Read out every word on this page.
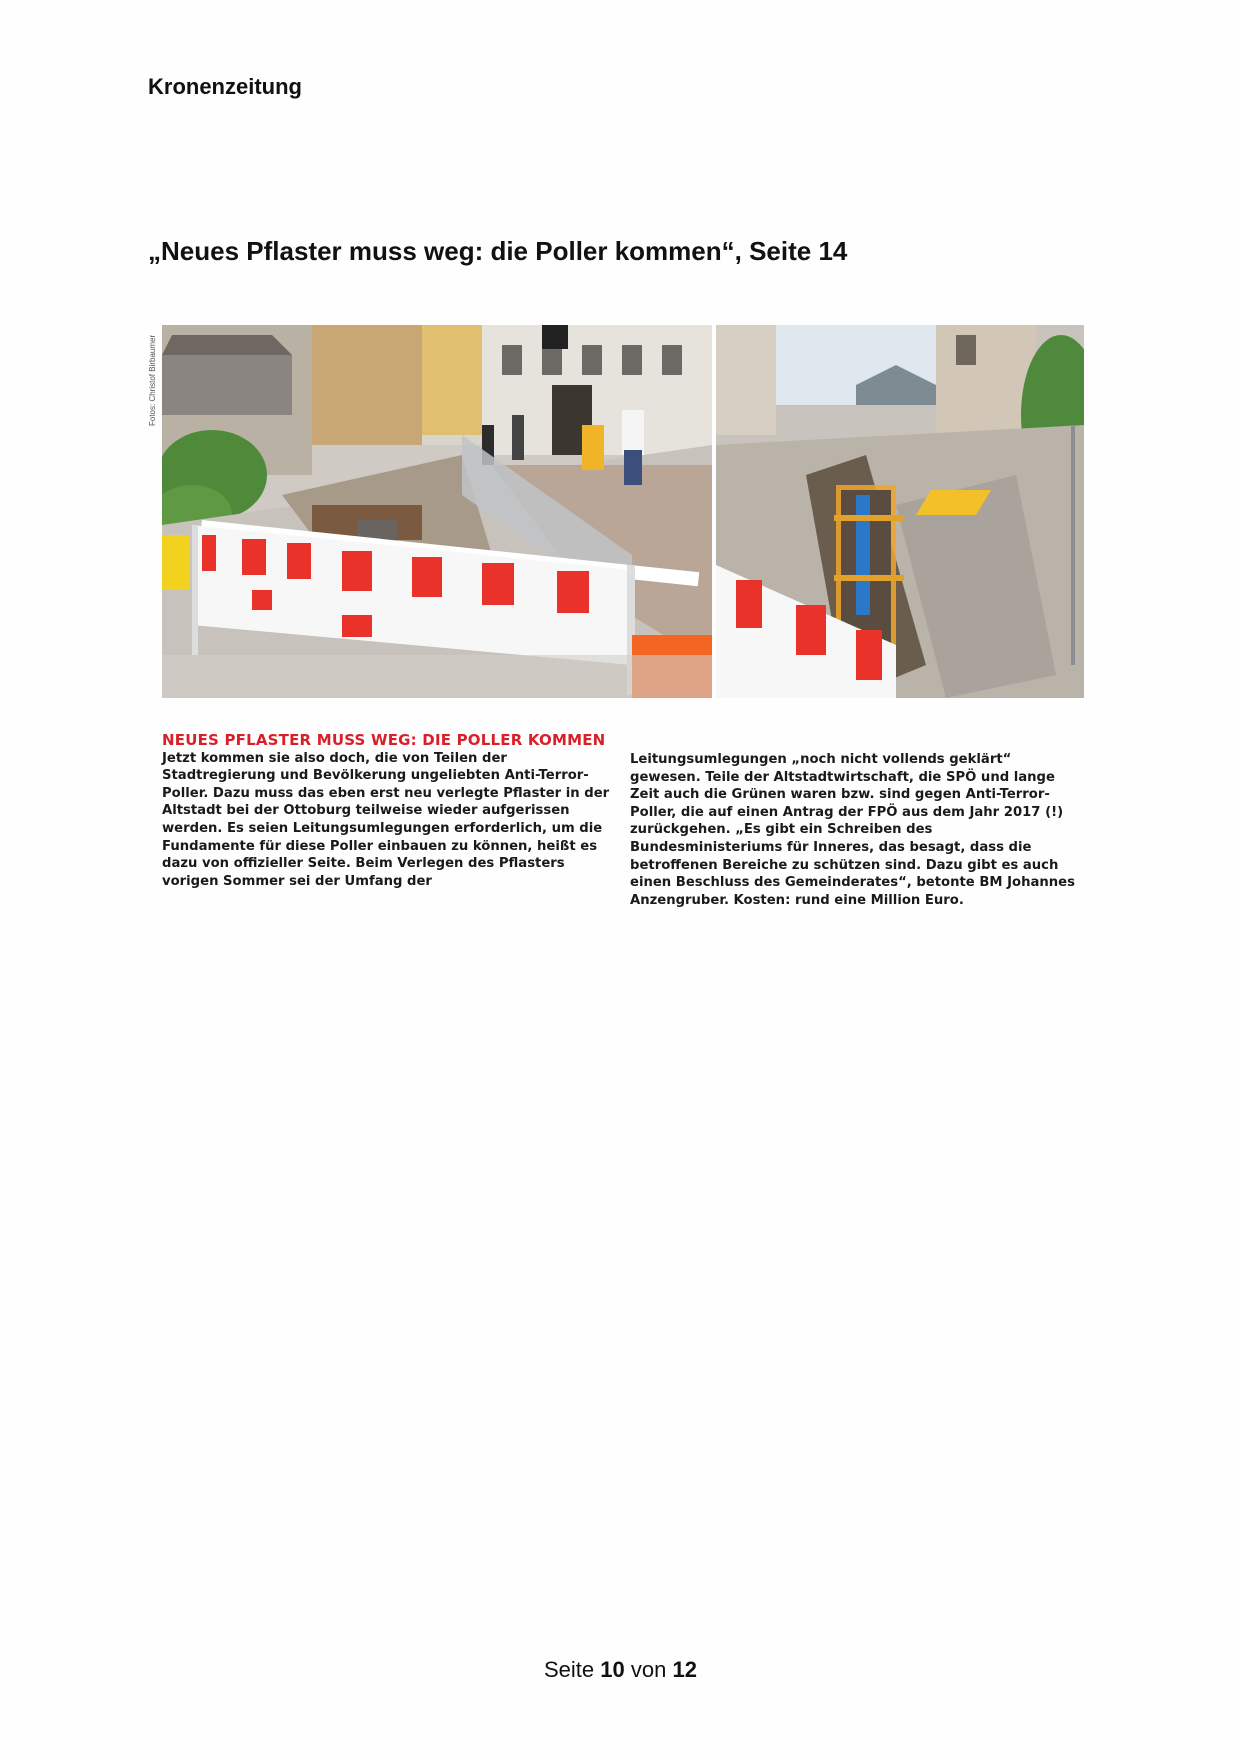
Kronenzeitung
„Neues Pflaster muss weg: die Poller kommen“, Seite 14
Fotos: Christof Birbaumer
NEUES PFLASTER MUSS WEG: DIE POLLER KOMMEN

Jetzt kommen sie also doch, die von Teilen der Stadtregierung und Bevölkerung ungeliebten Anti-Terror-Poller. Dazu muss das eben erst neu verlegte Pflaster in der Altstadt bei der Ottoburg teilweise wieder aufgerissen werden. Es seien Leitungsumlegungen erforderlich, um die Fundamente für diese Poller einbauen zu können, heißt es dazu von offizieller Seite. Beim Verlegen des Pflasters vorigen Sommer sei der Umfang der

Leitungsumlegungen „noch nicht vollends geklärt“ gewesen. Teile der Altstadtwirtschaft, die SPÖ und lange Zeit auch die Grünen waren bzw. sind gegen Anti-Terror-Poller, die auf einen Antrag der FPÖ aus dem Jahr 2017 (!) zurückgehen. „Es gibt ein Schreiben des Bundesministeriums für Inneres, das besagt, dass die betroffenen Bereiche zu schützen sind. Dazu gibt es auch einen Beschluss des Gemeinderates“, betonte BM Johannes Anzengruber. Kosten: rund eine Million Euro.

Seite 10 von 12
